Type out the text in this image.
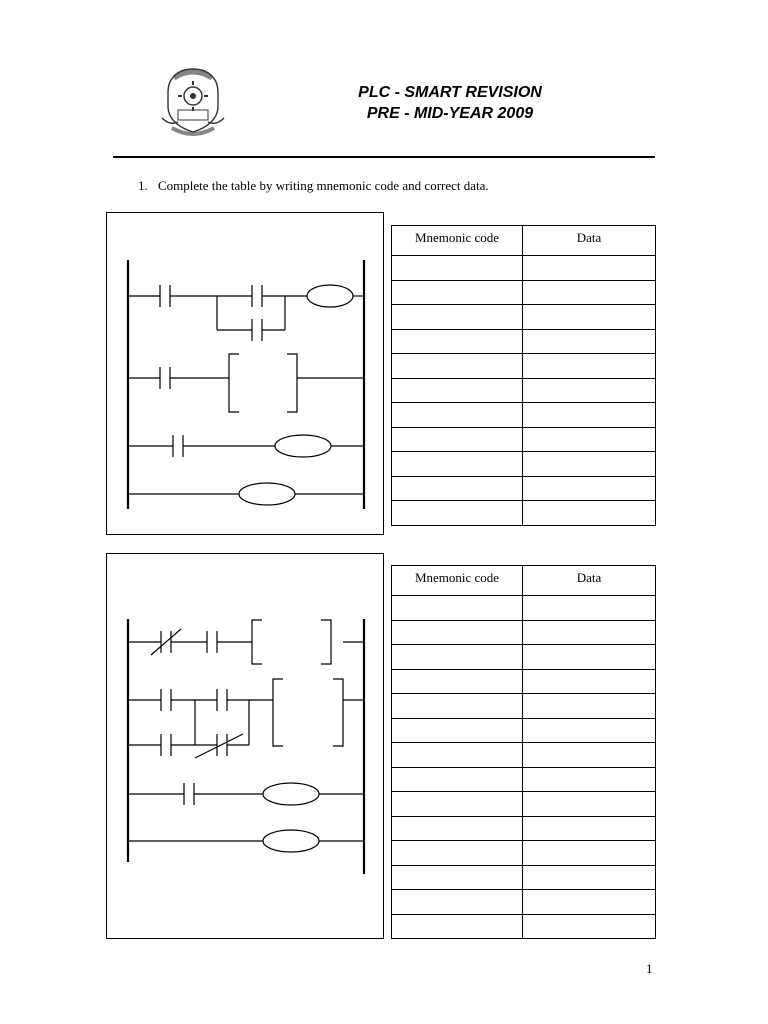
PLC - SMART REVISION
PRE - MID-YEAR 2009
1. Complete the table by writing mnemonic code and correct data.
Mnemonic code	Data

Mnemonic code	Data

1
